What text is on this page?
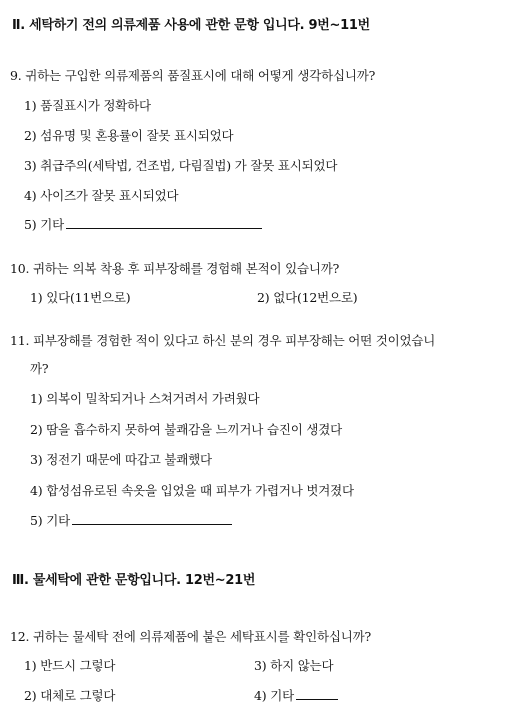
Ⅱ. 세탁하기 전의 의류제품 사용에 관한 문항 입니다. 9번~11번
9. 귀하는 구입한 의류제품의 품질표시에 대해 어떻게 생각하십니까?
1) 품질표시가 정확하다
2) 섬유명 및 혼용률이 잘못 표시되었다
3) 취급주의(세탁법, 건조법, 다림질법) 가 잘못 표시되었다
4) 사이즈가 잘못 표시되었다
5) 기타
10. 귀하는 의복 착용 후 피부장해를 경험해 본적이 있습니까?
1) 있다(11번으로)	2) 없다(12번으로)
11. 피부장해를 경험한 적이 있다고 하신 분의 경우 피부장해는 어떤 것이었습니
까?
1) 의복이 밀착되거나 스쳐거려서 가려웠다
2) 땀을 흡수하지 못하여 불쾌감을 느끼거나 습진이 생겼다
3) 정전기 때문에 따갑고 불쾌했다
4) 합성섬유로된 속옷을 입었을 때 피부가 가렵거나 벗겨졌다
5) 기타
Ⅲ. 물세탁에 관한 문항입니다. 12번~21번
12. 귀하는 물세탁 전에 의류제품에 붙은 세탁표시를 확인하십니까?
1) 반드시 그렇다	3) 하지 않는다
2) 대체로 그렇다	4) 기타
